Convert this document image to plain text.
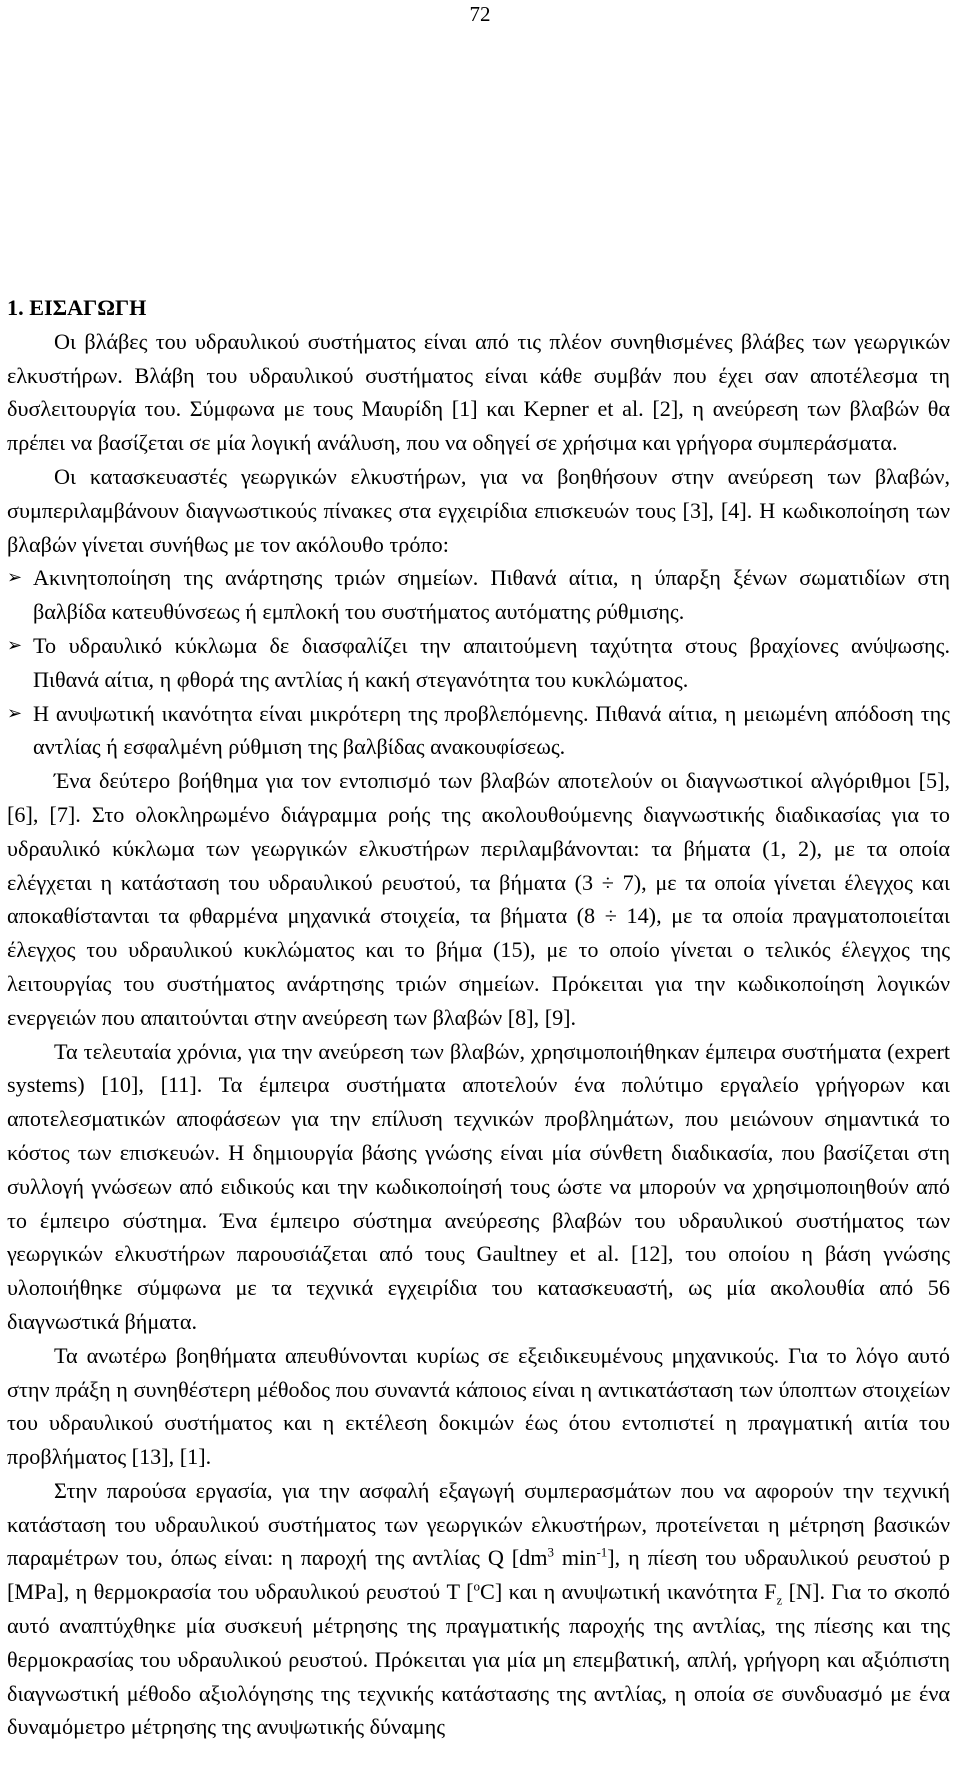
72

1. ΕΙΣΑΓΩΓΗ

Οι βλάβες του υδραυλικού συστήματος είναι από τις πλέον συνηθισμένες βλάβες των γεωργικών ελκυστήρων. Βλάβη του υδραυλικού συστήματος είναι κάθε συμβάν που έχει σαν αποτέλεσμα τη δυσλειτουργία του. Σύμφωνα με τους Μαυρίδη [1] και Kepner et al. [2], η ανεύρεση των βλαβών θα πρέπει να βασίζεται σε μία λογική ανάλυση, που να οδηγεί σε χρήσιμα και γρήγορα συμπεράσματα.

Οι κατασκευαστές γεωργικών ελκυστήρων, για να βοηθήσουν στην ανεύρεση των βλαβών, συμπεριλαμβάνουν διαγνωστικούς πίνακες στα εγχειρίδια επισκευών τους [3], [4]. Η κωδικοποίηση των βλαβών γίνεται συνήθως με τον ακόλουθο τρόπο:

➢ Ακινητοποίηση της ανάρτησης τριών σημείων. Πιθανά αίτια, η ύπαρξη ξένων σωματιδίων στη βαλβίδα κατευθύνσεως ή εμπλοκή του συστήματος αυτόματης ρύθμισης.
➢ Το υδραυλικό κύκλωμα δε διασφαλίζει την απαιτούμενη ταχύτητα στους βραχίονες ανύψωσης. Πιθανά αίτια, η φθορά της αντλίας ή κακή στεγανότητα του κυκλώματος.
➢ Η ανυψωτική ικανότητα είναι μικρότερη της προβλεπόμενης. Πιθανά αίτια, η μειωμένη απόδοση της αντλίας ή εσφαλμένη ρύθμιση της βαλβίδας ανακουφίσεως.

Ένα δεύτερο βοήθημα για τον εντοπισμό των βλαβών αποτελούν οι διαγνωστικοί αλγόριθμοι [5], [6], [7]. Στο ολοκληρωμένο διάγραμμα ροής της ακολουθούμενης διαγνωστικής διαδικασίας για το υδραυλικό κύκλωμα των γεωργικών ελκυστήρων περιλαμβάνονται: τα βήματα (1, 2), με τα οποία ελέγχεται η κατάσταση του υδραυλικού ρευστού, τα βήματα (3 ÷ 7), με τα οποία γίνεται έλεγχος και αποκαθίστανται τα φθαρμένα μηχανικά στοιχεία, τα βήματα (8 ÷ 14), με τα οποία πραγματοποιείται έλεγχος του υδραυλικού κυκλώματος και το βήμα (15), με το οποίο γίνεται ο τελικός έλεγχος της λειτουργίας του συστήματος ανάρτησης τριών σημείων. Πρόκειται για την κωδικοποίηση λογικών ενεργειών που απαιτούνται στην ανεύρεση των βλαβών [8], [9].

Τα τελευταία χρόνια, για την ανεύρεση των βλαβών, χρησιμοποιήθηκαν έμπειρα συστήματα (expert systems) [10], [11]. Τα έμπειρα συστήματα αποτελούν ένα πολύτιμο εργαλείο γρήγορων και αποτελεσματικών αποφάσεων για την επίλυση τεχνικών προβλημάτων, που μειώνουν σημαντικά το κόστος των επισκευών. Η δημιουργία βάσης γνώσης είναι μία σύνθετη διαδικασία, που βασίζεται στη συλλογή γνώσεων από ειδικούς και την κωδικοποίησή τους ώστε να μπορούν να χρησιμοποιηθούν από το έμπειρο σύστημα. Ένα έμπειρο σύστημα ανεύρεσης βλαβών του υδραυλικού συστήματος των γεωργικών ελκυστήρων παρουσιάζεται από τους Gaultney et al. [12], του οποίου η βάση γνώσης υλοποιήθηκε σύμφωνα με τα τεχνικά εγχειρίδια του κατασκευαστή, ως μία ακολουθία από 56 διαγνωστικά βήματα.

Τα ανωτέρω βοηθήματα απευθύνονται κυρίως σε εξειδικευμένους μηχανικούς. Για το λόγο αυτό στην πράξη η συνηθέστερη μέθοδος που συναντά κάποιος είναι η αντικατάσταση των ύποπτων στοιχείων του υδραυλικού συστήματος και η εκτέλεση δοκιμών έως ότου εντοπιστεί η πραγματική αιτία του προβλήματος [13], [1].

Στην παρούσα εργασία, για την ασφαλή εξαγωγή συμπερασμάτων που να αφορούν την τεχνική κατάσταση του υδραυλικού συστήματος των γεωργικών ελκυστήρων, προτείνεται η μέτρηση βασικών παραμέτρων του, όπως είναι: η παροχή της αντλίας Q [$dm^3$ $\min^{-1}$], η πίεση του υδραυλικού ρευστού p [MPa], η θερμοκρασία του υδραυλικού ρευστού T [$^o$C] και η ανυψωτική ικανότητα $F_z$ [N]. Για το σκοπό αυτό αναπτύχθηκε μία συσκευή μέτρησης της πραγματικής παροχής της αντλίας, της πίεσης και της θερμοκρασίας του υδραυλικού ρευστού. Πρόκειται για μία μη επεμβατική, απλή, γρήγορη και αξιόπιστη διαγνωστική μέθοδο αξιολόγησης της τεχνικής κατάστασης της αντλίας, η οποία σε συνδυασμό με ένα δυναμόμετρο μέτρησης της ανυψωτικής δύναμης
